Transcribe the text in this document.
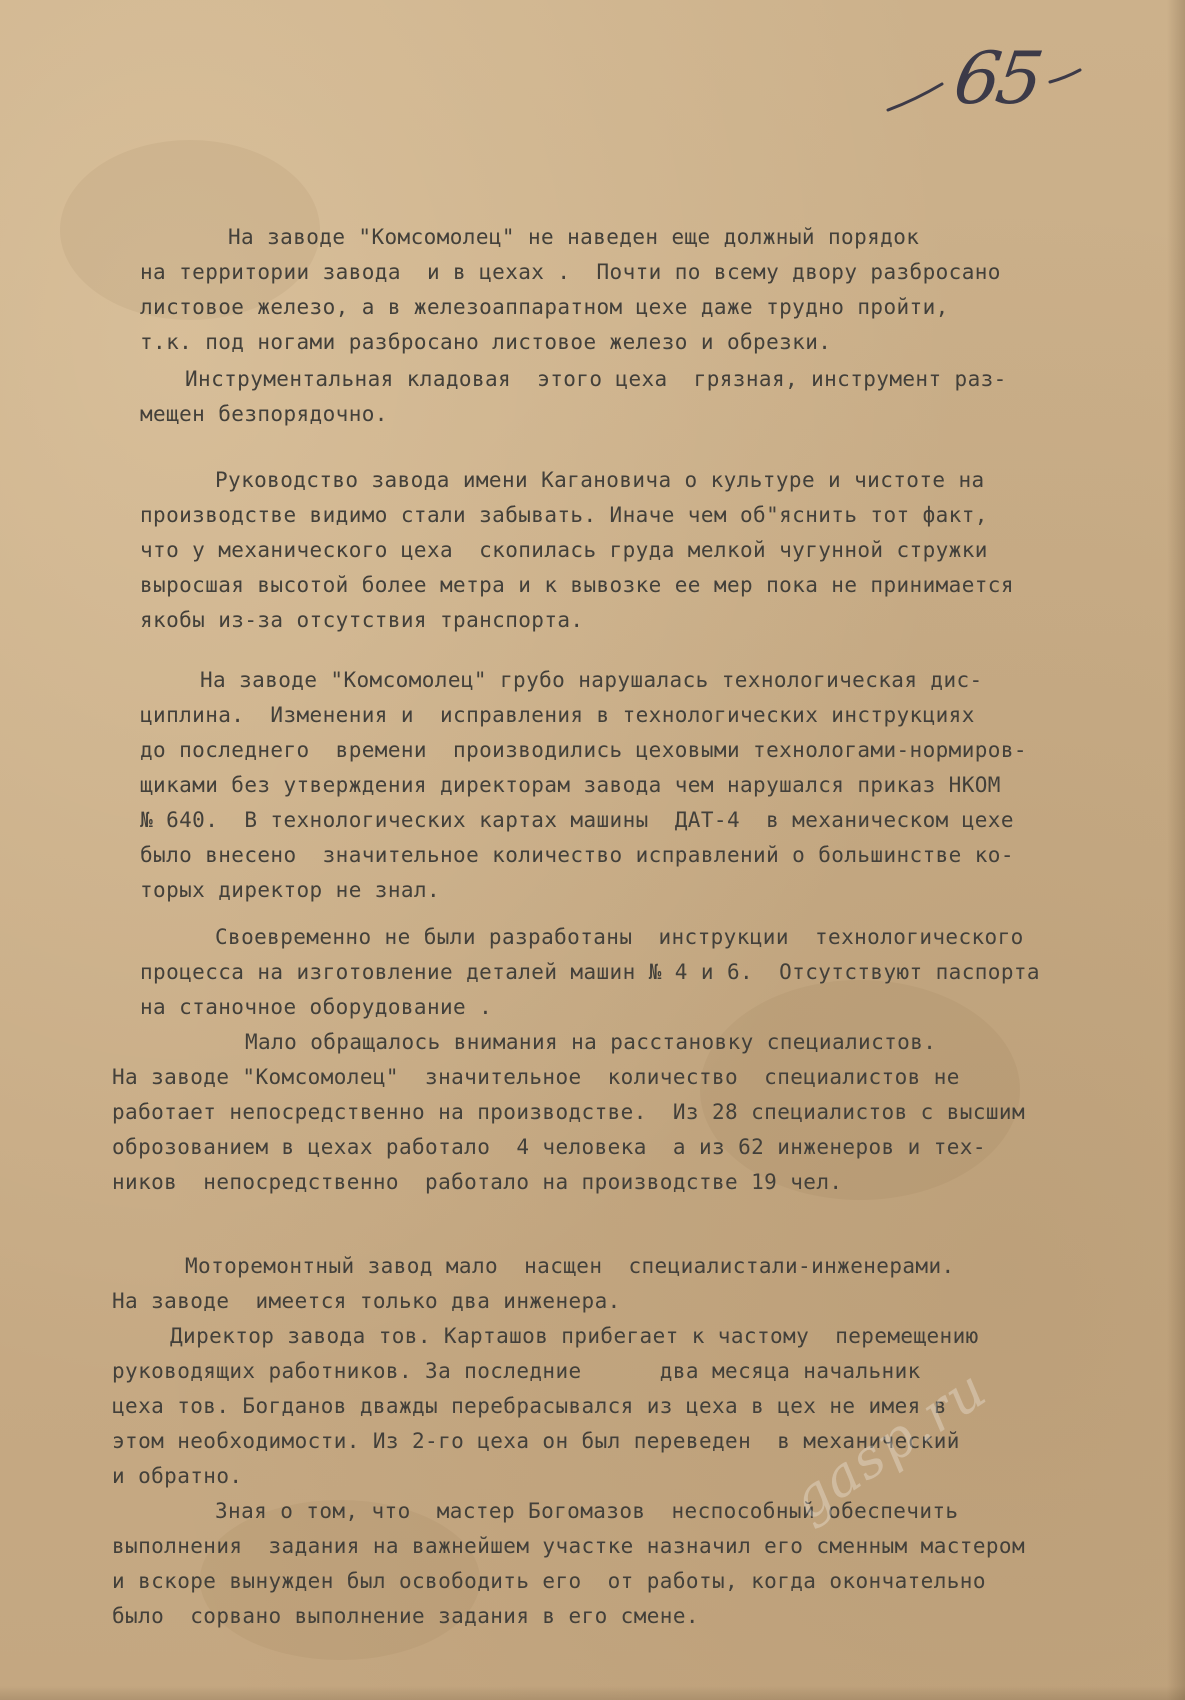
65
На заводе "Комсомолец" не наведен еще должный порядок
на территории завода  и в цехах .  Почти по всему двору разбросано
листовое железо, а в железоаппаратном цехе даже трудно пройти,
т.к. под ногами разбросано листовое железо и обрезки.
Инструментальная кладовая  этого цеха  грязная, инструмент раз-
мещен безпорядочно.
Руководство завода имени Кагановича о культуре и чистоте на
производстве видимо стали забывать. Иначе чем об"яснить тот факт,
что у механического цеха  скопилась груда мелкой чугунной стружки
выросшая высотой более метра и к вывозке ее мер пока не принимается
якобы из-за отсутствия транспорта.
На заводе "Комсомолец" грубо нарушалась технологическая дис-
циплина.  Изменения и  исправления в технологических инструкциях
до последнего  времени  производились цеховыми технологами-нормиров-
щиками без утверждения директорам завода чем нарушался приказ НКОМ
№ 640.  В технологических картах машины  ДАТ-4  в механическом цехе
было внесено  значительное количество исправлений о большинстве ко-
торых директор не знал.
Своевременно не были разработаны  инструкции  технологического
процесса на изготовление деталей машин № 4 и 6.  Отсутствуют паспорта
на станочное оборудование .
Мало обращалось внимания на расстановку специалистов.
На заводе "Комсомолец"  значительное  количество  специалистов не
работает непосредственно на производстве.  Из 28 специалистов с высшим
оброзованием в цехах работало  4 человека  а из 62 инженеров и тех-
ников  непосредственно  работало на производстве 19 чел.
Моторемонтный завод мало  насщен  специалистали-инженерами.
На заводе  имеется только два инженера.
Директор завода тов. Карташов прибегает к частому  перемещению
руководящих работников. За последние      два месяца начальник
цеха тов. Богданов дважды перебрасывался из цеха в цех не имея в
этом необходимости. Из 2-го цеха он был переведен  в механический
и обратно.
Зная о том, что  мастер Богомазов  неспособный обеспечить
выполнения  задания на важнейшем участке назначил его сменным мастером
и вскоре вынужден был освободить его  от работы, когда окончательно
было  сорвано выполнение задания в его смене.
gasp.ru
